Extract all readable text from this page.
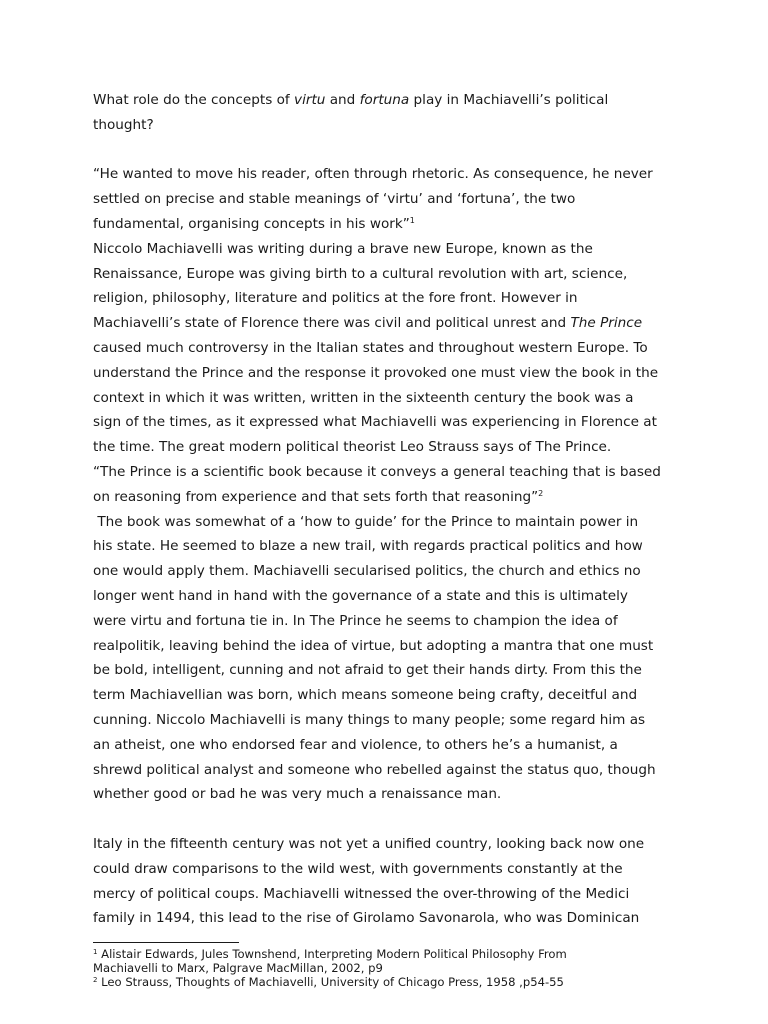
What role do the concepts of virtu and fortuna play in Machiavelli’s political
thought?

“He wanted to move his reader, often through rhetoric. As consequence, he never
settled on precise and stable meanings of ‘virtu’ and ‘fortuna’, the two
fundamental, organising concepts in his work”$^1$

Niccolo Machiavelli was writing during a brave new Europe, known as the
Renaissance, Europe was giving birth to a cultural revolution with art, science,
religion, philosophy, literature and politics at the fore front. However in
Machiavelli’s state of Florence there was civil and political unrest and The Prince
caused much controversy in the Italian states and throughout western Europe. To
understand the Prince and the response it provoked one must view the book in the
context in which it was written, written in the sixteenth century the book was a
sign of the times, as it expressed what Machiavelli was experiencing in Florence at
the time. The great modern political theorist Leo Strauss says of The Prince.

“The Prince is a scientific book because it conveys a general teaching that is based
on reasoning from experience and that sets forth that reasoning”$^2$

The book was somewhat of a ‘how to guide’ for the Prince to maintain power in
his state. He seemed to blaze a new trail, with regards practical politics and how
one would apply them. Machiavelli secularised politics, the church and ethics no
longer went hand in hand with the governance of a state and this is ultimately
were virtu and fortuna tie in. In The Prince he seems to champion the idea of
realpolitik, leaving behind the idea of virtue, but adopting a mantra that one must
be bold, intelligent, cunning and not afraid to get their hands dirty. From this the
term Machiavellian was born, which means someone being crafty, deceitful and
cunning. Niccolo Machiavelli is many things to many people; some regard him as
an atheist, one who endorsed fear and violence, to others he’s a humanist, a
shrewd political analyst and someone who rebelled against the status quo, though
whether good or bad he was very much a renaissance man.

Italy in the fifteenth century was not yet a unified country, looking back now one
could draw comparisons to the wild west, with governments constantly at the
mercy of political coups. Machiavelli witnessed the over-throwing of the Medici
family in 1494, this lead to the rise of Girolamo Savonarola, who was Dominican

$^1$ Alistair Edwards, Jules Townshend, Interpreting Modern Political Philosophy From
Machiavelli to Marx, Palgrave MacMillan, 2002, p9
$^2$ Leo Strauss, Thoughts of Machiavelli, University of Chicago Press, 1958 ,p54-55
